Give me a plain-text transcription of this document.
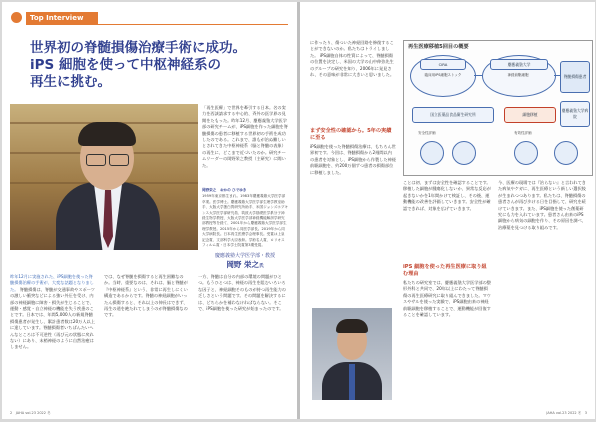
Top Interview
世界初の脊髄損傷治療手術に成功。
iPS 細胞を使って中枢神経系の
再生に挑む。
「再生医療」で世界を牽引する日本。名の実力を西該請求する中心的、斉外の医学界の見聞をたもった。昨年12月、慶應義塾大学医学部の研究チームが、iPS細胞を作った細胞を脊髄損傷の患者に移植する世界初の手術を成功したのである。これまで、誰もが治ぬ難しいとされてきた中枢神経系（脳と脊髄の表象）の再生に、どこまで近づいたのか。研究チームリーダーの岡野栄之教授（主研究）に聞いた。
岡野栄之　おかの ひでゆき
1959年東京都生まれ。1983年慶應義塾大学医学部卒業。医学博士。慶應義塾大学医学部生理学教室助手、大阪大学蛋白質研究所助手、米国ジョンズホプキンス大学医学部研究員、筑波大学基礎医学系分子神経生物学教授、大阪大学医学部神経機能解剖学研究部教授等を経て、2001年から慶應義塾大学医学部生理学教授。2015年から同医学部長。2019年から同大学病院長。日本再生医療学会理事長。受賞は上皇記念賞、文部科学大臣表彰。学術名人賞、ロリオスフィルム賞・日本学士院賞第3期受賞。
慶應義塾大学医学部・教授
岡野 栄之氏
昨年12月に実施された、iPS細胞を使った脊髄損傷治療の手術が、大変な話題となりました。 脊髄損傷は、脊髄が交通事故やスポーツの激しい衝突などによる強い外圧を受け、内部の神経細胞に障害・損失が生じることで、運動・感覚・自立神経の機能を失う疾患のことです。日本では、年間5,000人の新規脊髄損傷患者が発生し、累計患者数は20万人以上に達しています。脊髄損傷者いちばんたいへんなところは不可逆性（再び元の状態に戻れない）にあり、末梢神経のように自然治癒はしません。
では、なぜ脊髄を損傷すると再生困難なのか。当時、重要なのは、それは、脳と脊髄が『中枢神経系』という、非常に再生しにくい構造であるからです。脊髄の神経細胞がいったん損傷すると、それ以上の伸長はできず、再生の道を絶たれてしまうのが脊髄損傷なのです。
一方、脊髄は自分の内部の環境の問題がひとつ。もうひとつは、神経の再生を阻むいろいろな因子と、神経細胞そのものが持つ再生能力の乏しさという問題です。その問題を解決するには、どちらかを補わなければならない。そこで、iPS細胞を使った研究が始まったのです。
2　JAHA vol.23 2022 冬
に作ったり、傷ついた神経回路を修復することができないのか。私たちはトライしました。 iPS細胞自体の性質によって、脊髄損傷の位置を決定し、米国の大学の山中伸弥先生のグループの研究を知り、2006年に発見され、その意味が非常に大きいと思いました。
まず安全性の確認から。5年の実績に至る
iPS細胞を使った脊髄損傷治療は、もちろん世界初です。今回は、脊髄損傷から2週間以内の患者を対象とし、iPS細胞から作製した神経前駆細胞を、約200万個ずつ患者の損傷部位に移植しました。
再生医療移植5回目の概要
CiRA
臨床用iPS細胞ストック
慶應義塾大学
神経前駆細胞	脊髄損傷患者
国立医薬品食品衛生研究所	細胞移植
慶應義塾大学病院
安全性評価	有効性評価
ことは初、まずは安全性を確認することです。移植した細胞が腫瘍化しないか、異常な反応が起きないかを1年間かけて検証し、その後、運動機能の改善を評価していきます。安全性が確認できれば、対象を広げていきます。
iPS 細胞を使った再生医療に取り組む理由
私たちの研究室では、慶應義塾大学医学部の整形外科と共同で、20年以上にわたって脊髄損傷の再生医療研究に取り組んできました。マウスやサルを使った実験で、iPS細胞由来の神経前駆細胞を移植することで、運動機能が回復することを確認しています。
今、医療の現場では『治らない』と言われてきた病気やケガに、再生医療という新しい選択肢が生まれつつあります。私たちは、脊髄損傷の患者さんが再び歩ける日を目指して、研究を続けていきます。また、iPS細胞を使った創薬研究にも力を入れています。患者さん由来のiPS細胞から病気の細胞を作り、その原因を調べ、治療薬を見つける取り組みです。
JAHA vol.23 2022 冬　3
